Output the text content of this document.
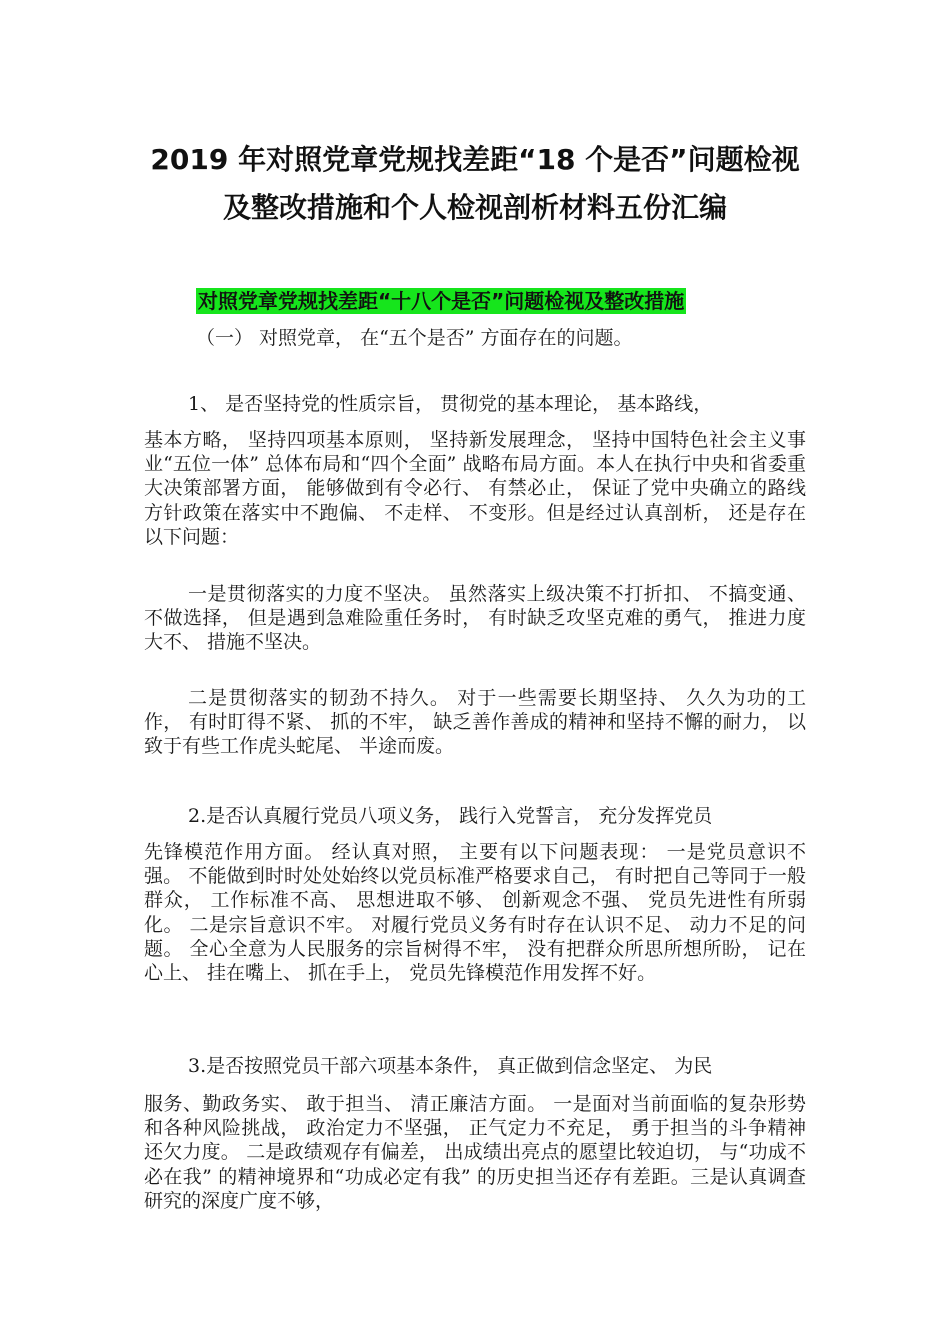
2019 年对照党章党规找差距“18 个是否”问题检视
及整改措施和个人检视剖析材料五份汇编
对照党章党规找差距“十八个是否”问题检视及整改措施
（一） 对照党章， 在“五个是否” 方面存在的问题。
1、 是否坚持党的性质宗旨， 贯彻党的基本理论， 基本路线，
基本方略， 坚持四项基本原则， 坚持新发展理念， 坚持中国特色社会主义事业“五位一体” 总体布局和“四个全面” 战略布局方面。本人在执行中央和省委重大决策部署方面， 能够做到有令必行、 有禁必止， 保证了党中央确立的路线方针政策在落实中不跑偏、 不走样、 不变形。但是经过认真剖析， 还是存在以下问题：
一是贯彻落实的力度不坚决。 虽然落实上级决策不打折扣、 不搞变通、不做选择， 但是遇到急难险重任务时， 有时缺乏攻坚克难的勇气， 推进力度大不、 措施不坚决。
二是贯彻落实的韧劲不持久。 对于一些需要长期坚持、 久久为功的工作， 有时盯得不紧、 抓的不牢， 缺乏善作善成的精神和坚持不懈的耐力， 以致于有些工作虎头蛇尾、 半途而废。
2.是否认真履行党员八项义务， 践行入党誓言， 充分发挥党员
先锋模范作用方面。 经认真对照， 主要有以下问题表现： 一是党员意识不强。 不能做到时时处处始终以党员标准严格要求自己， 有时把自己等同于一般群众， 工作标准不高、 思想进取不够、 创新观念不强、 党员先进性有所弱化。 二是宗旨意识不牢。 对履行党员义务有时存在认识不足、 动力不足的问题。 全心全意为人民服务的宗旨树得不牢， 没有把群众所思所想所盼， 记在心上、 挂在嘴上、 抓在手上， 党员先锋模范作用发挥不好。
3.是否按照党员干部六项基本条件， 真正做到信念坚定、 为民
服务、勤政务实、 敢于担当、 清正廉洁方面。 一是面对当前面临的复杂形势和各种风险挑战， 政治定力不坚强， 正气定力不充足， 勇于担当的斗争精神还欠力度。 二是政绩观存有偏差， 出成绩出亮点的愿望比较迫切， 与“功成不必在我” 的精神境界和“功成必定有我” 的历史担当还存有差距。三是认真调查研究的深度广度不够，
